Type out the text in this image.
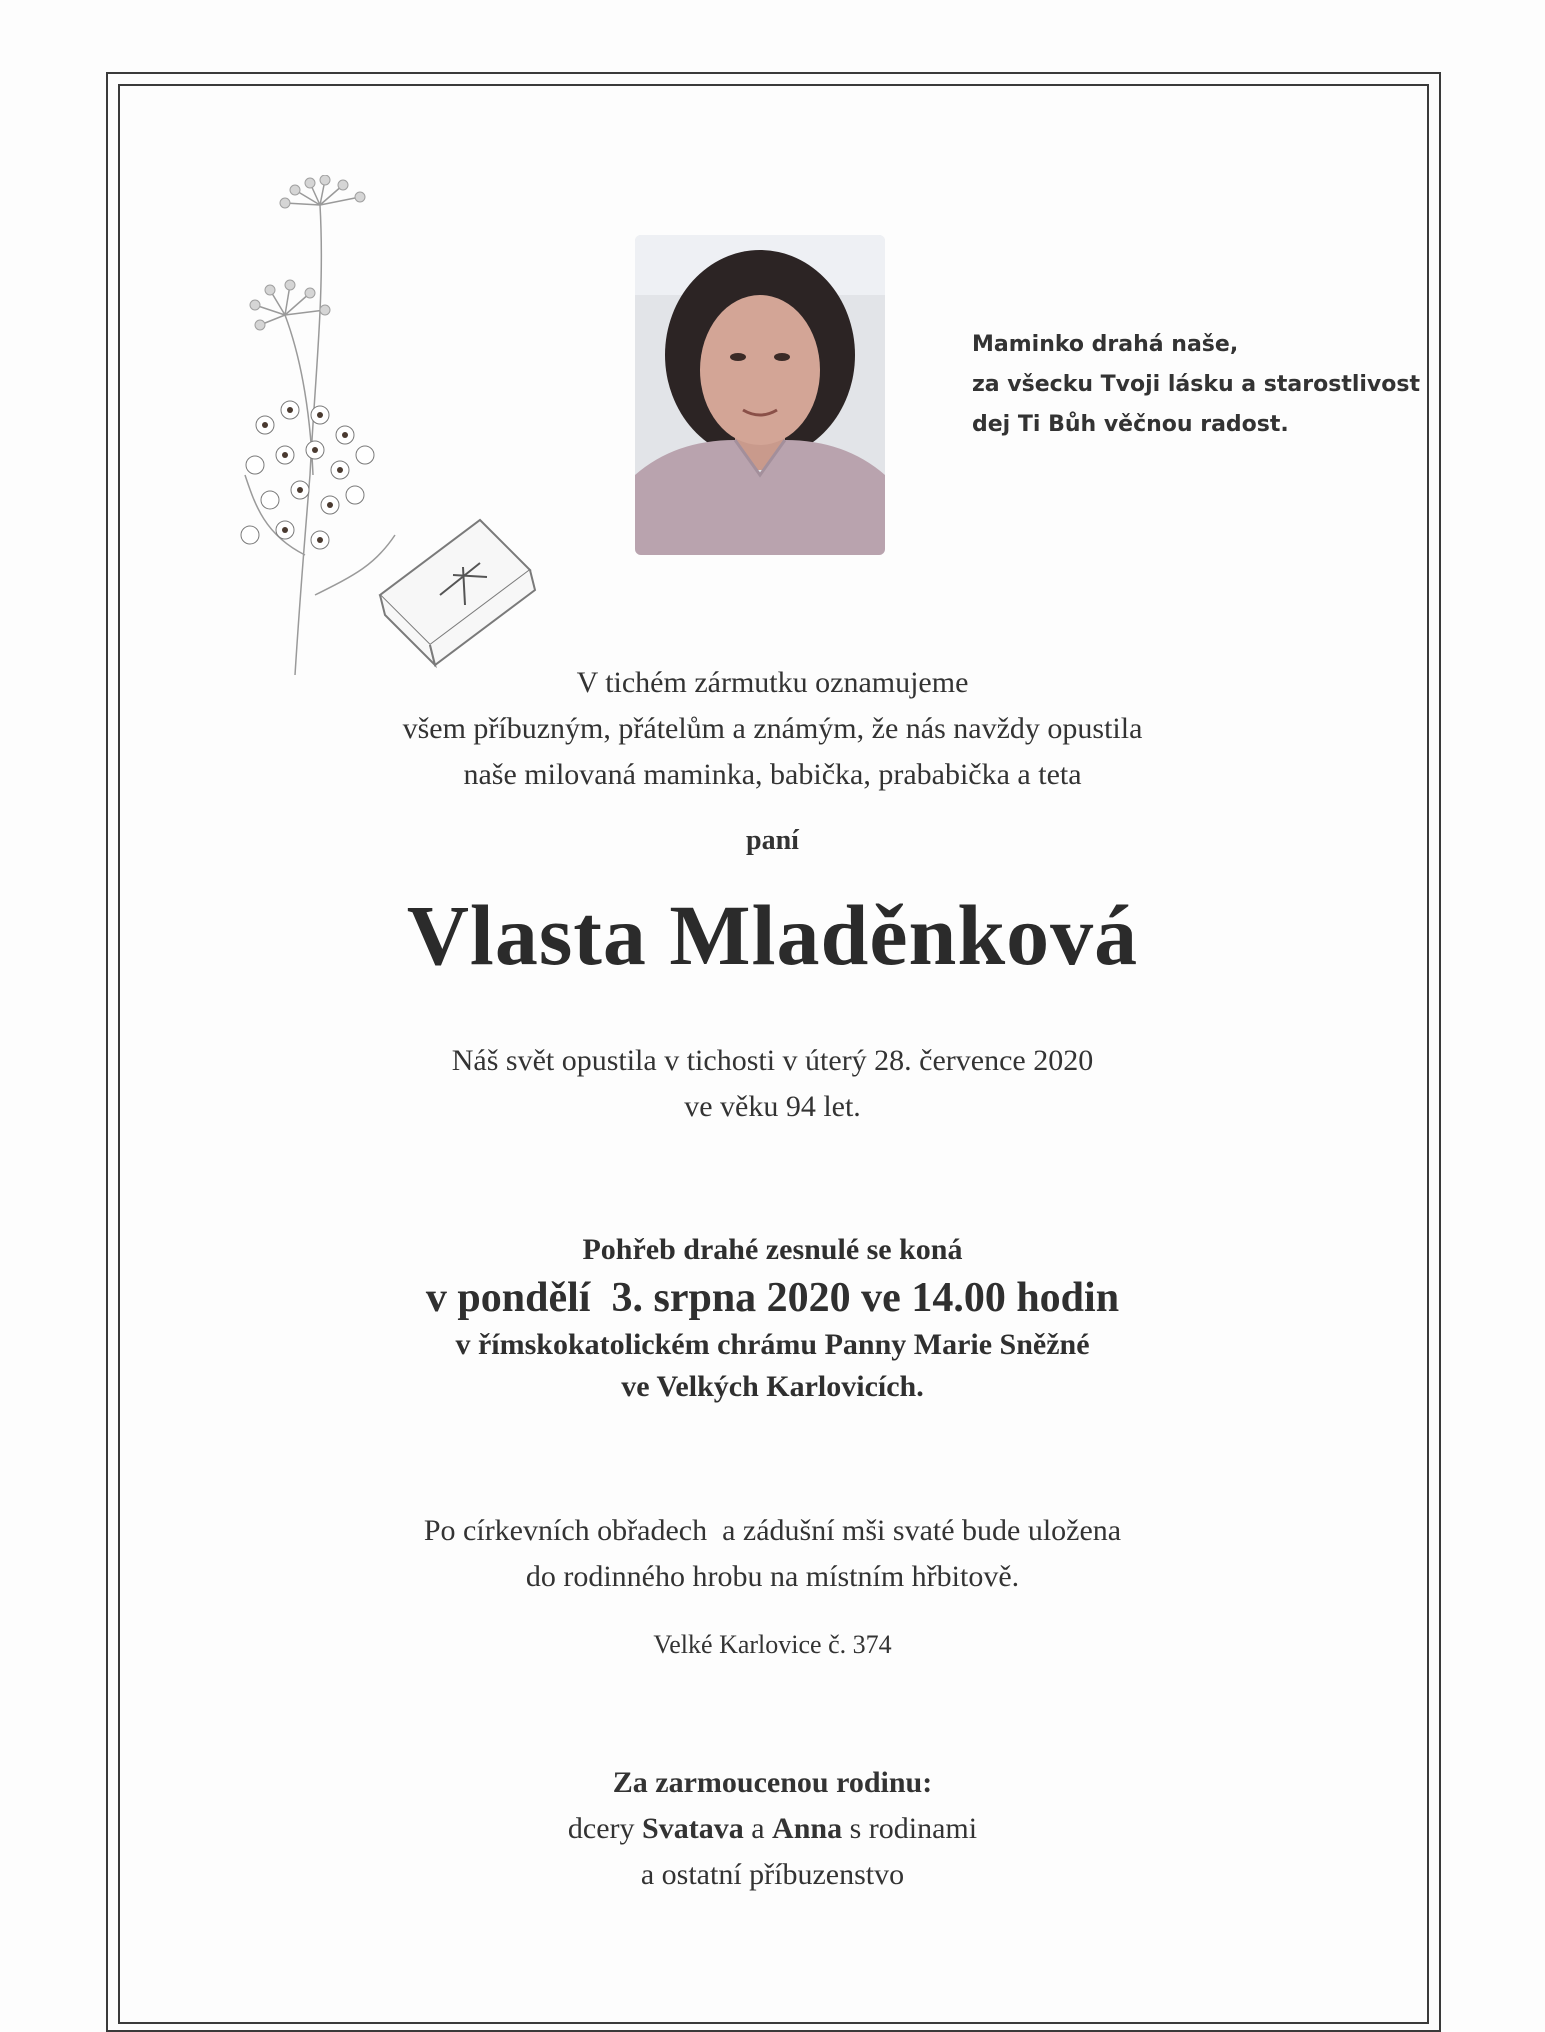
Maminko drahá naše,
za všecku Tvoji lásku a starostlivost
dej Ti Bůh věčnou radost.
V tichém zármutku oznamujeme
všem příbuzným, přátelům a známým, že nás navždy opustila
naše milovaná maminka, babička, prababička a teta
paní
Vlasta Mladěnková
Náš svět opustila v tichosti v úterý 28. července 2020
ve věku 94 let.
Pohřeb drahé zesnulé se koná
v pondělí  3. srpna 2020 ve 14.00 hodin
v římskokatolickém chrámu Panny Marie Sněžné
ve Velkých Karlovicích.
Po církevních obřadech  a zádušní mši svaté bude uložena
do rodinného hrobu na místním hřbitově.
Velké Karlovice č. 374
Za zarmoucenou rodinu:
dcery Svatava a Anna s rodinami
a ostatní příbuzenstvo
